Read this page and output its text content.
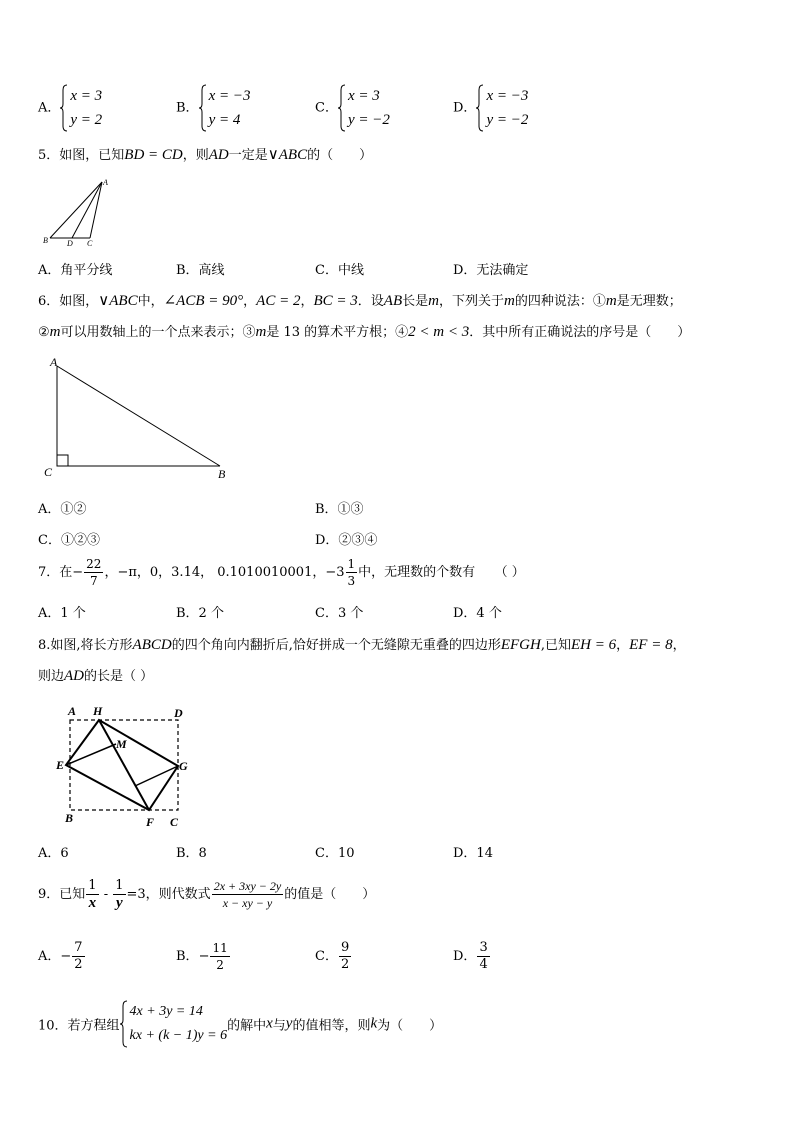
A．
x = 3
y = 2
B．
x = −3
y = 4
C．
x = 3
y = −2
D．
x = −3
y = −2
5．如图，已知BD = CD，则AD一定是∨ABC的（　　）
A
B D C
A．角平分线	B．高线	C．中线	D．无法确定
6．如图，∨ABC中，∠ACB = 90°，AC = 2，BC = 3．设AB长是m，下列关于m的四种说法：①m是无理数；
②m可以用数轴上的一个点来表示；③m是 13 的算术平方根；④2 < m < 3．其中所有正确说法的序号是（　　）
A
C	B
A．①②	B．①③
C．①②③	D．②③④
7．在− $\frac{22}{7}$ ，−π，0，3.14， 0.1010010001，$-3 \frac{1}{3}$ 中，无理数的个数有　　（ ）
A．1 个	B．2 个	C．3 个	D．4 个
8.如图,将长方形ABCD的四个角向内翻折后,恰好拼成一个无缝隙无重叠的四边形EFGH,已知EH = 6，EF = 8，
则边AD的长是（ ）
A H	D
M
E	G
B	F C
A．6	B．8	C．10	D．14
9．已知 $\frac{1}{x} - \frac{1}{y} =3$，则代数式 $\frac{2x + 3xy - 2y}{x - xy - y}$ 的值是（　　）
A．− $\frac{7}{2}$	B．− $\frac{11}{2}$	C． $\frac{9}{2}$	D． $\frac{3}{4}$
10．若方程组
4x + 3y = 14
kx + (k − 1)y = 6
的解中x与y的值相等，则k为（　　）
